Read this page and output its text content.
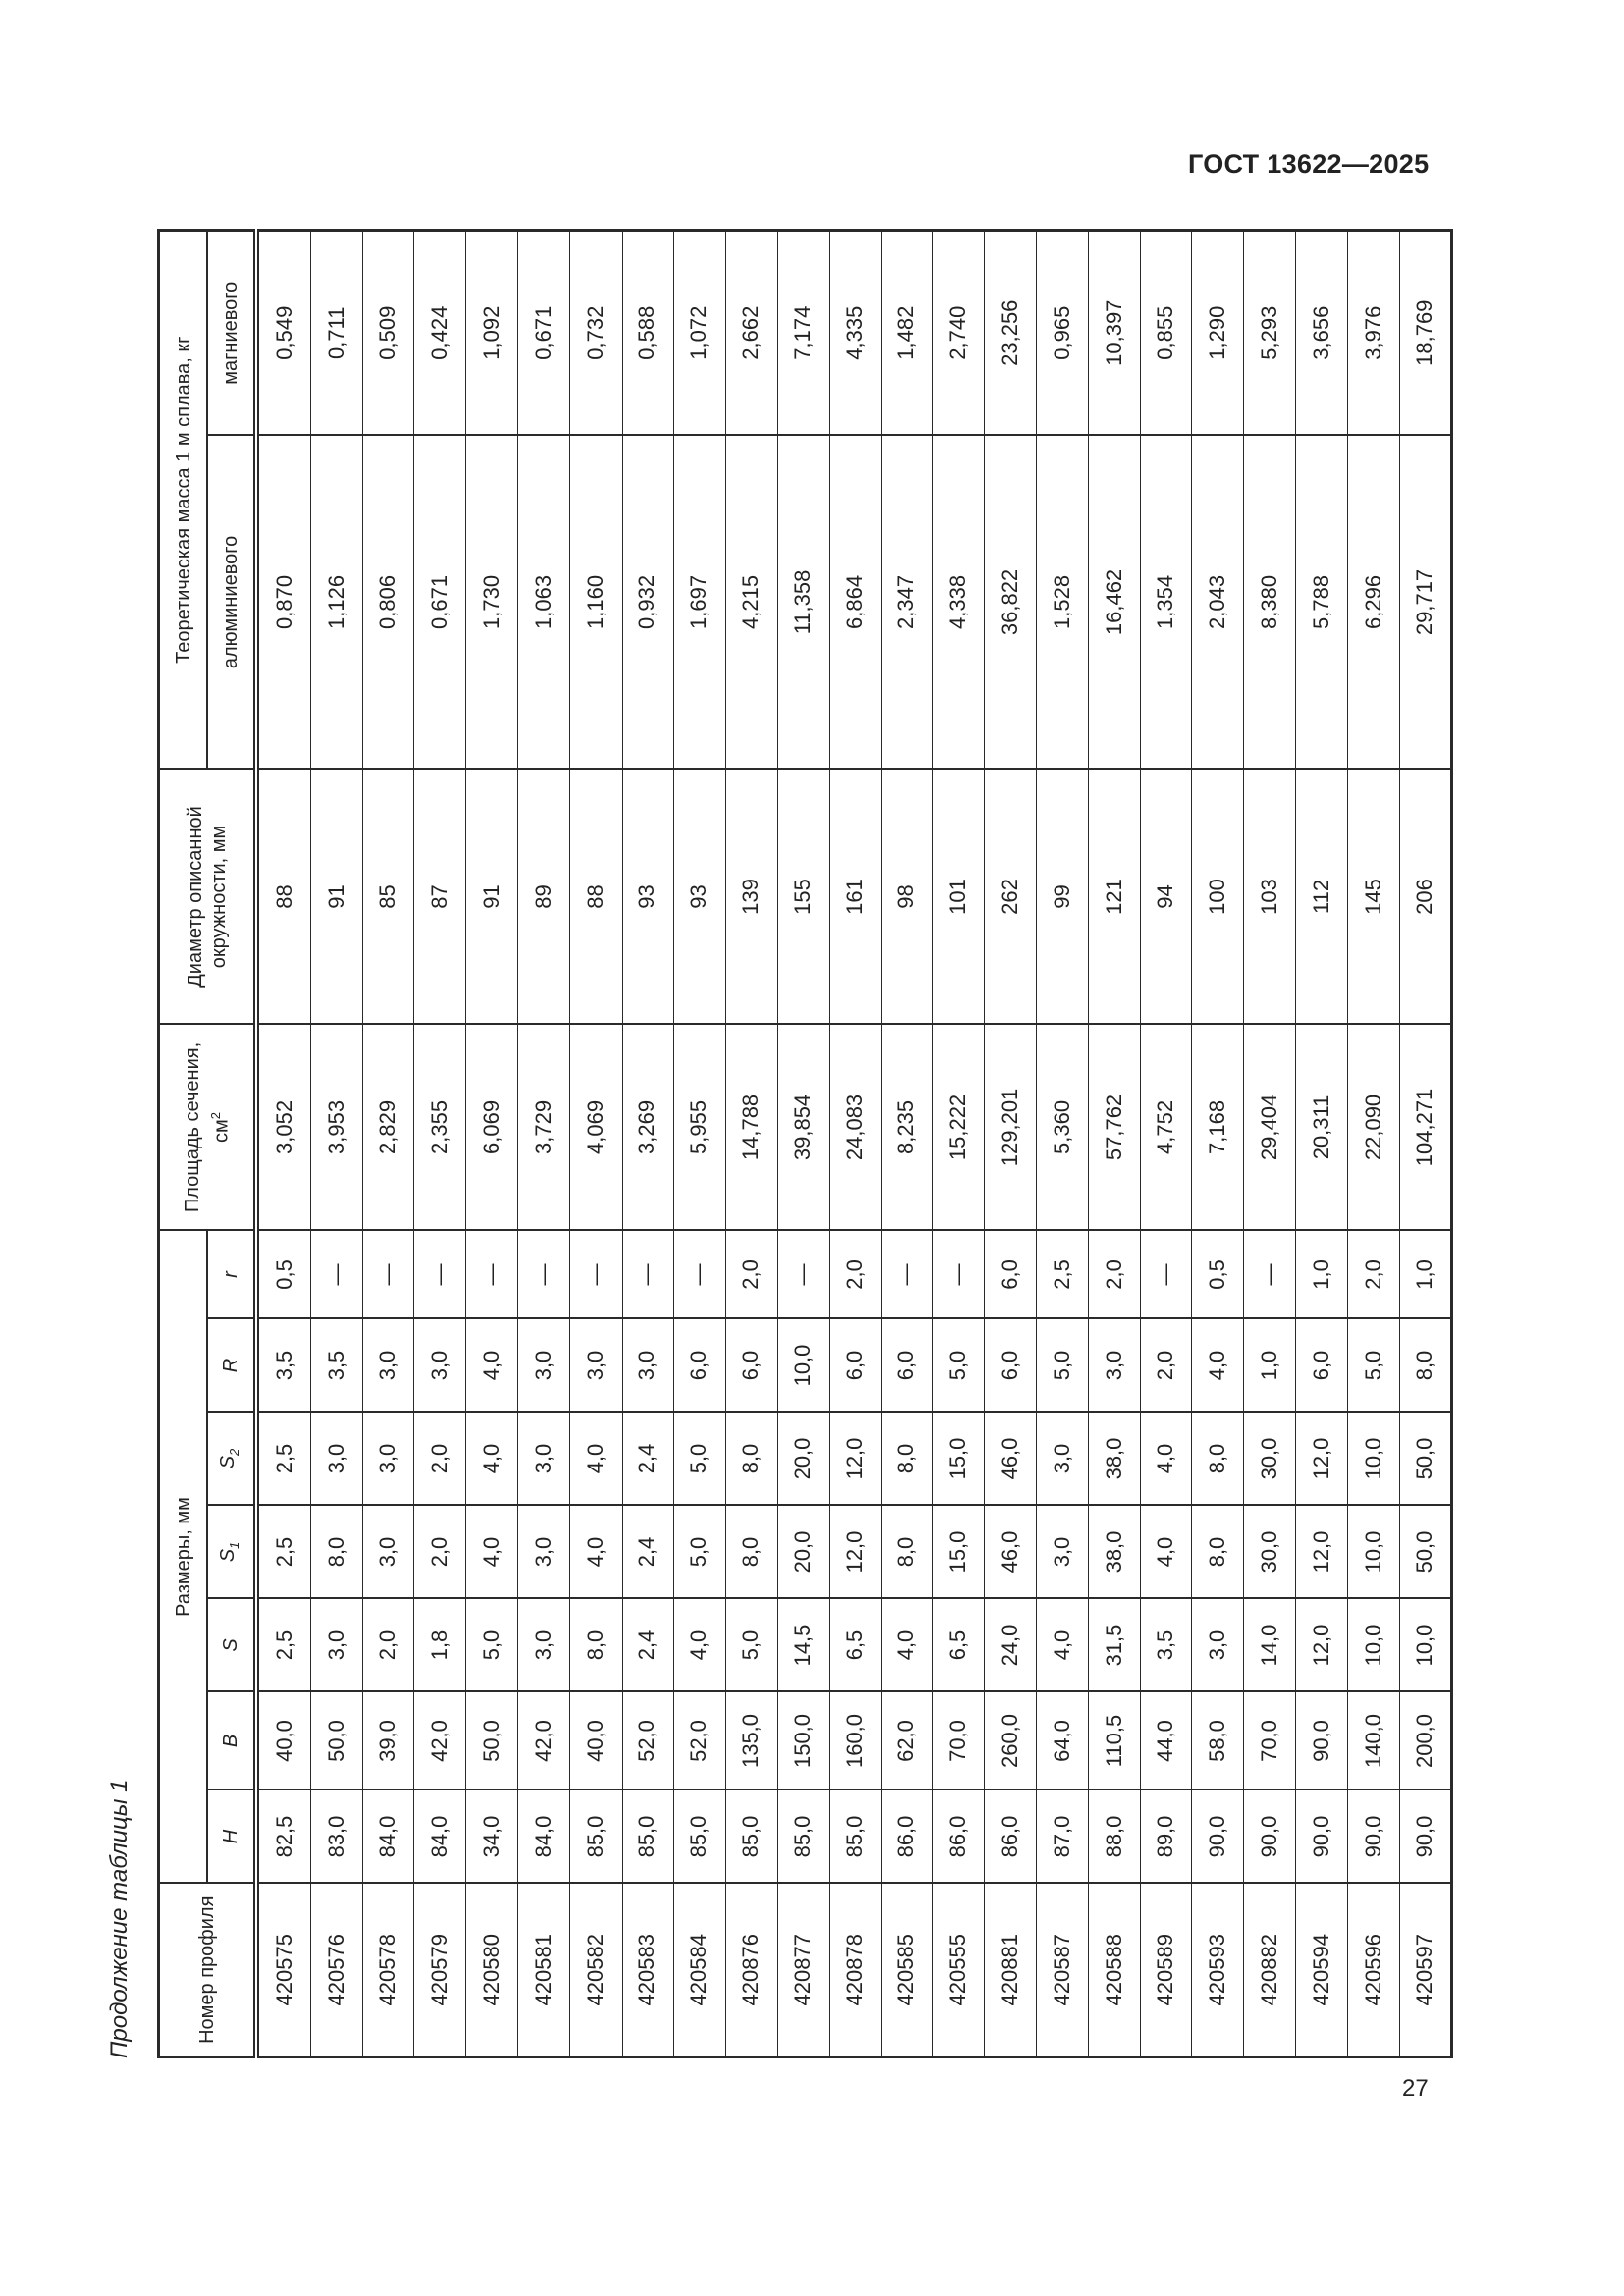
ГОСТ 13622—2025
Продолжение таблицы 1	Номер профиля	Размеры, мм							Площадь сечения, $см^2$	Диаметр описанной окружности, мм	Теоретическая масса 1 м сплава, кг	
	H	B	S	$S_1$	$S_2$	R	r			алюминиевого	магниевого
420575	82,5	40,0	2,5	2,5	2,5	3,5	0,5	3,052	88	0,870	0,549
420576	83,0	50,0	3,0	8,0	3,0	3,5	—	3,953	91	1,126	0,711
420578	84,0	39,0	2,0	3,0	3,0	3,0	—	2,829	85	0,806	0,509
420579	84,0	42,0	1,8	2,0	2,0	3,0	—	2,355	87	0,671	0,424
420580	34,0	50,0	5,0	4,0	4,0	4,0	—	6,069	91	1,730	1,092
420581	84,0	42,0	3,0	3,0	3,0	3,0	—	3,729	89	1,063	0,671
420582	85,0	40,0	8,0	4,0	4,0	3,0	—	4,069	88	1,160	0,732
420583	85,0	52,0	2,4	2,4	2,4	3,0	—	3,269	93	0,932	0,588
420584	85,0	52,0	4,0	5,0	5,0	6,0	—	5,955	93	1,697	1,072
420876	85,0	135,0	5,0	8,0	8,0	6,0	2,0	14,788	139	4,215	2,662
420877	85,0	150,0	14,5	20,0	20,0	10,0	—	39,854	155	11,358	7,174
420878	85,0	160,0	6,5	12,0	12,0	6,0	2,0	24,083	161	6,864	4,335
420585	86,0	62,0	4,0	8,0	8,0	6,0	—	8,235	98	2,347	1,482
420555	86,0	70,0	6,5	15,0	15,0	5,0	—	15,222	101	4,338	2,740
420881	86,0	260,0	24,0	46,0	46,0	6,0	6,0	129,201	262	36,822	23,256
420587	87,0	64,0	4,0	3,0	3,0	5,0	2,5	5,360	99	1,528	0,965
420588	88,0	110,5	31,5	38,0	38,0	3,0	2,0	57,762	121	16,462	10,397
420589	89,0	44,0	3,5	4,0	4,0	2,0	—	4,752	94	1,354	0,855
420593	90,0	58,0	3,0	8,0	8,0	4,0	0,5	7,168	100	2,043	1,290
420882	90,0	70,0	14,0	30,0	30,0	1,0	—	29,404	103	8,380	5,293
420594	90,0	90,0	12,0	12,0	12,0	6,0	1,0	20,311	112	5,788	3,656
420596	90,0	140,0	10,0	10,0	10,0	5,0	2,0	22,090	145	6,296	3,976
420597	90,0	200,0	10,0	50,0	50,0	8,0	1,0	104,271	206	29,717	18,769
27
